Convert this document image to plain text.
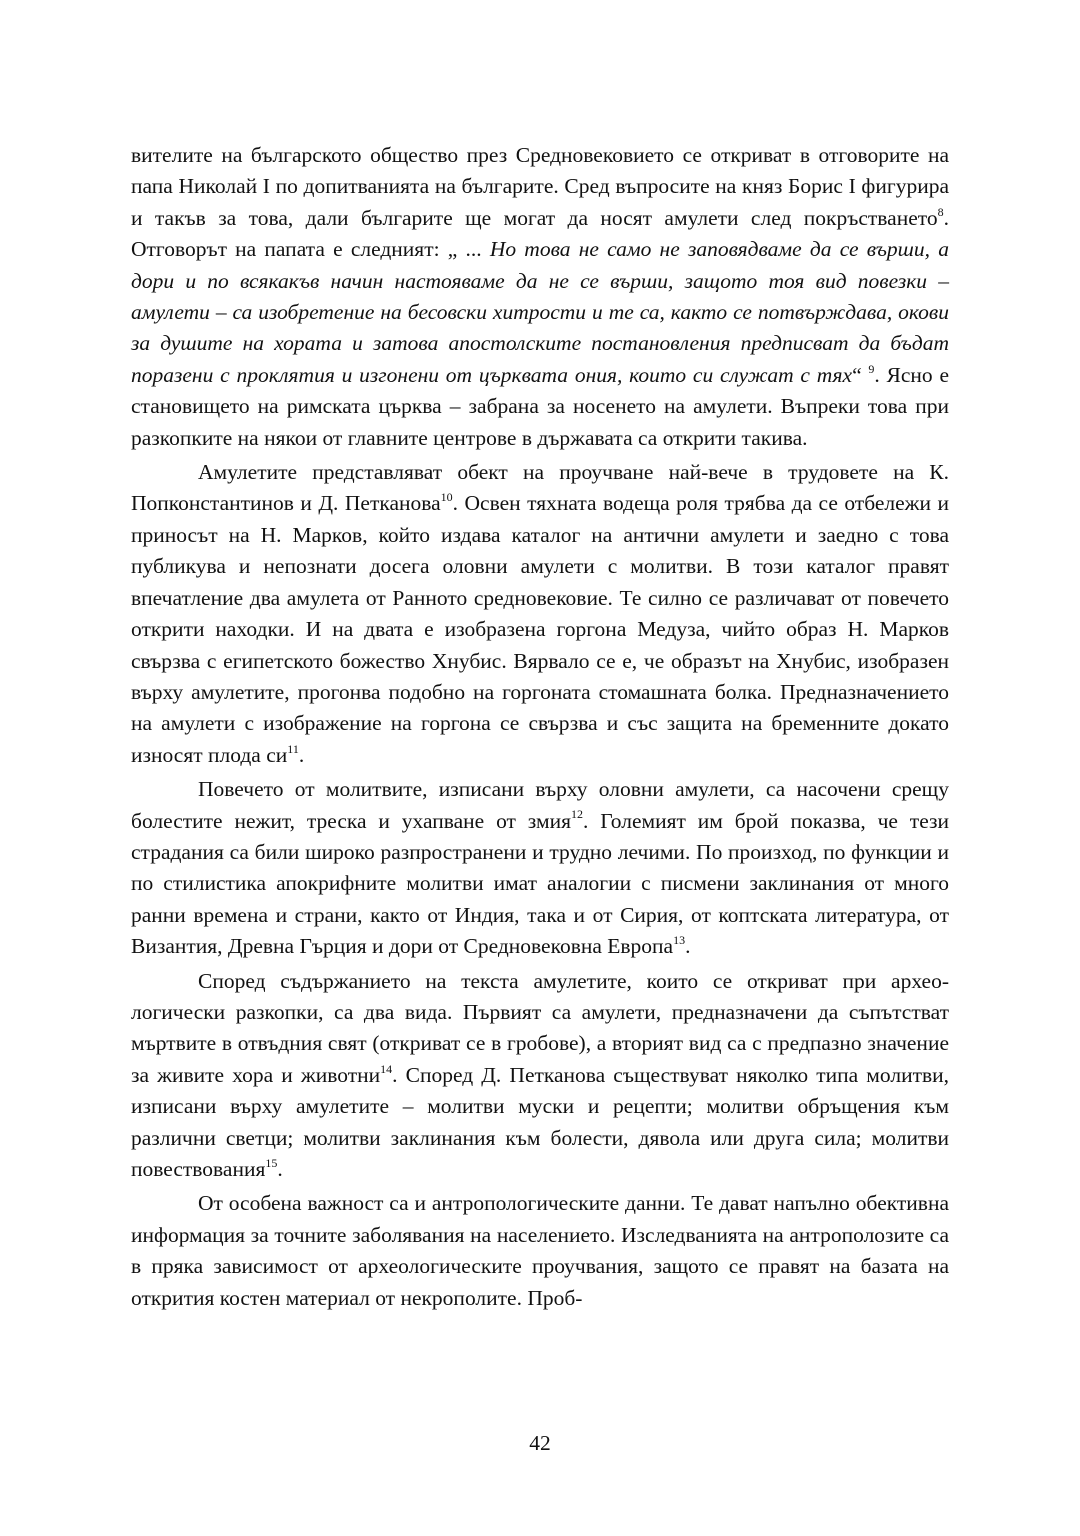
вителите на българското общество през Средновековието се откриват в отговорите на папа Николай I по допитванията на българите. Сред въпросите на княз Борис I фигурира и такъв за това, дали българите ще могат да носят амулети след покръстването$^8$. Отговорът на папата е следният: „ ... Но това не само не заповядваме да се върши, а дори и по всякакъв начин настояваме да не се върши, защото тоя вид повезки – амулети – са изобретение на бесовски хитрости и те са, както се потвърждава, окови за душите на хората и затова апостолските постановления предписват да бъдат поразени с проклятия и изгонени от църквата ония, които си служат с тях“ $^9$. Ясно е становището на римската църква – забрана за носенето на амулети. Въпреки това при разкопките на някои от главните центрове в държавата са открити такива.

Амулетите представляват обект на проучване най-вече в трудовете на К. Попконстантинов и Д. Петканова$^{10}$. Освен тяхната водеща роля трябва да се отбележи и приносът на Н. Марков, който издава каталог на антични амулети и заедно с това публикува и непознати досега оловни амулети с молитви. В този каталог правят впечатление два амулета от Ранното средновековие. Те силно се различават от повечето открити находки. И на двата е изобразена горгона Медуза, чийто образ Н. Марков свързва с египетското божество Хнубис. Вярвало се е, че образът на Хнубис, изобразен върху амулетите, прогонва подобно на горгоната стомашната болка. Предназначението на амулети с изображение на горгона се свързва и със защита на бременните докато износят плода $си^{11}$.

Повечето от молитвите, изписани върху оловни амулети, са насочени срещу болестите нежит, треска и ухапване от змия$^{12}$. Големият им брой показва, че тези страдания са били широко разпространени и трудно лечими. По произход, по функции и по стилистика апокрифните молитви имат аналогии с писмени заклинания от много ранни времена и страни, както от Индия, така и от Сирия, от коптската литература, от Византия, Древна Гърция и дори от Средновековна Европа$^{13}$.

Според съдържанието на текста амулетите, които се откриват при археологически разкопки, са два вида. Първият са амулети, предназначени да съпътстват мъртвите в отвъдния свят (откриват се в гробове), а вторият вид са с предпазно значение за живите хора и животни$^{14}$. Според Д. Петканова съществуват няколко типа молитви, изписани върху амулетите – молитви муски и рецепти; молитви обръщения към различни светци; молитви заклинания към болести, дявола или друга сила; молитви повествования$^{15}$.

От особена важност са и антропологическите данни. Те дават напълно обективна информация за точните заболявания на населението. Изследванията на антрополозите са в пряка зависимост от археологическите проучвания, защото се правят на базата на открития костен материал от некрополите. Проб-

42
